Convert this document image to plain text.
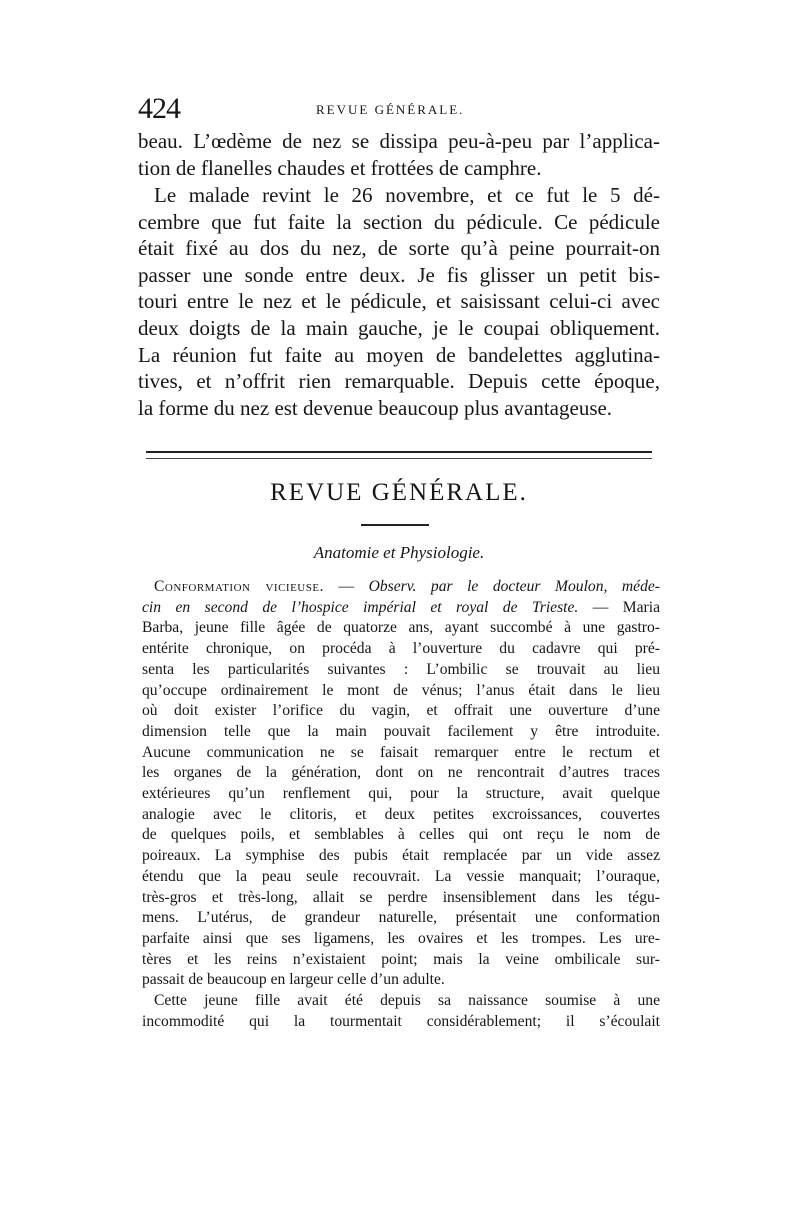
424	REVUE GÉNÉRALE.
beau. L’œdème de nez se dissipa peu-à-peu par l’applica-
tion de flanelles chaudes et frottées de camphre.
Le malade revint le 26 novembre, et ce fut le 5 dé-
cembre que fut faite la section du pédicule. Ce pédicule
était fixé au dos du nez, de sorte qu’à peine pourrait-on
passer une sonde entre deux. Je fis glisser un petit bis-
touri entre le nez et le pédicule, et saisissant celui-ci avec
deux doigts de la main gauche, je le coupai obliquement.
La réunion fut faite au moyen de bandelettes agglutina-
tives, et n’offrit rien remarquable. Depuis cette époque,
la forme du nez est devenue beaucoup plus avantageuse.
REVUE GÉNÉRALE.
Anatomie et Physiologie.
Conformation vicieuse. — Observ. par le docteur Moulon, méde-
cin en second de l’hospice impérial et royal de Trieste. — Maria
Barba, jeune fille âgée de quatorze ans, ayant succombé à une gastro-
entérite chronique, on procéda à l’ouverture du cadavre qui pré-
senta les particularités suivantes : L’ombilic se trouvait au lieu
qu’occupe ordinairement le mont de vénus; l’anus était dans le lieu
où doit exister l’orifice du vagin, et offrait une ouverture d’une
dimension telle que la main pouvait facilement y être introduite.
Aucune communication ne se faisait remarquer entre le rectum et
les organes de la génération, dont on ne rencontrait d’autres traces
extérieures qu’un renflement qui, pour la structure, avait quelque
analogie avec le clitoris, et deux petites excroissances, couvertes
de quelques poils, et semblables à celles qui ont reçu le nom de
poireaux. La symphise des pubis était remplacée par un vide assez
étendu que la peau seule recouvrait. La vessie manquait; l’ouraque,
très-gros et très-long, allait se perdre insensiblement dans les tégu-
mens. L’utérus, de grandeur naturelle, présentait une conformation
parfaite ainsi que ses ligamens, les ovaires et les trompes. Les ure-
tères et les reins n’existaient point; mais la veine ombilicale sur-
passait de beaucoup en largeur celle d’un adulte.
Cette jeune fille avait été depuis sa naissance soumise à une
incommodité qui la tourmentait considérablement; il s’écoulait
